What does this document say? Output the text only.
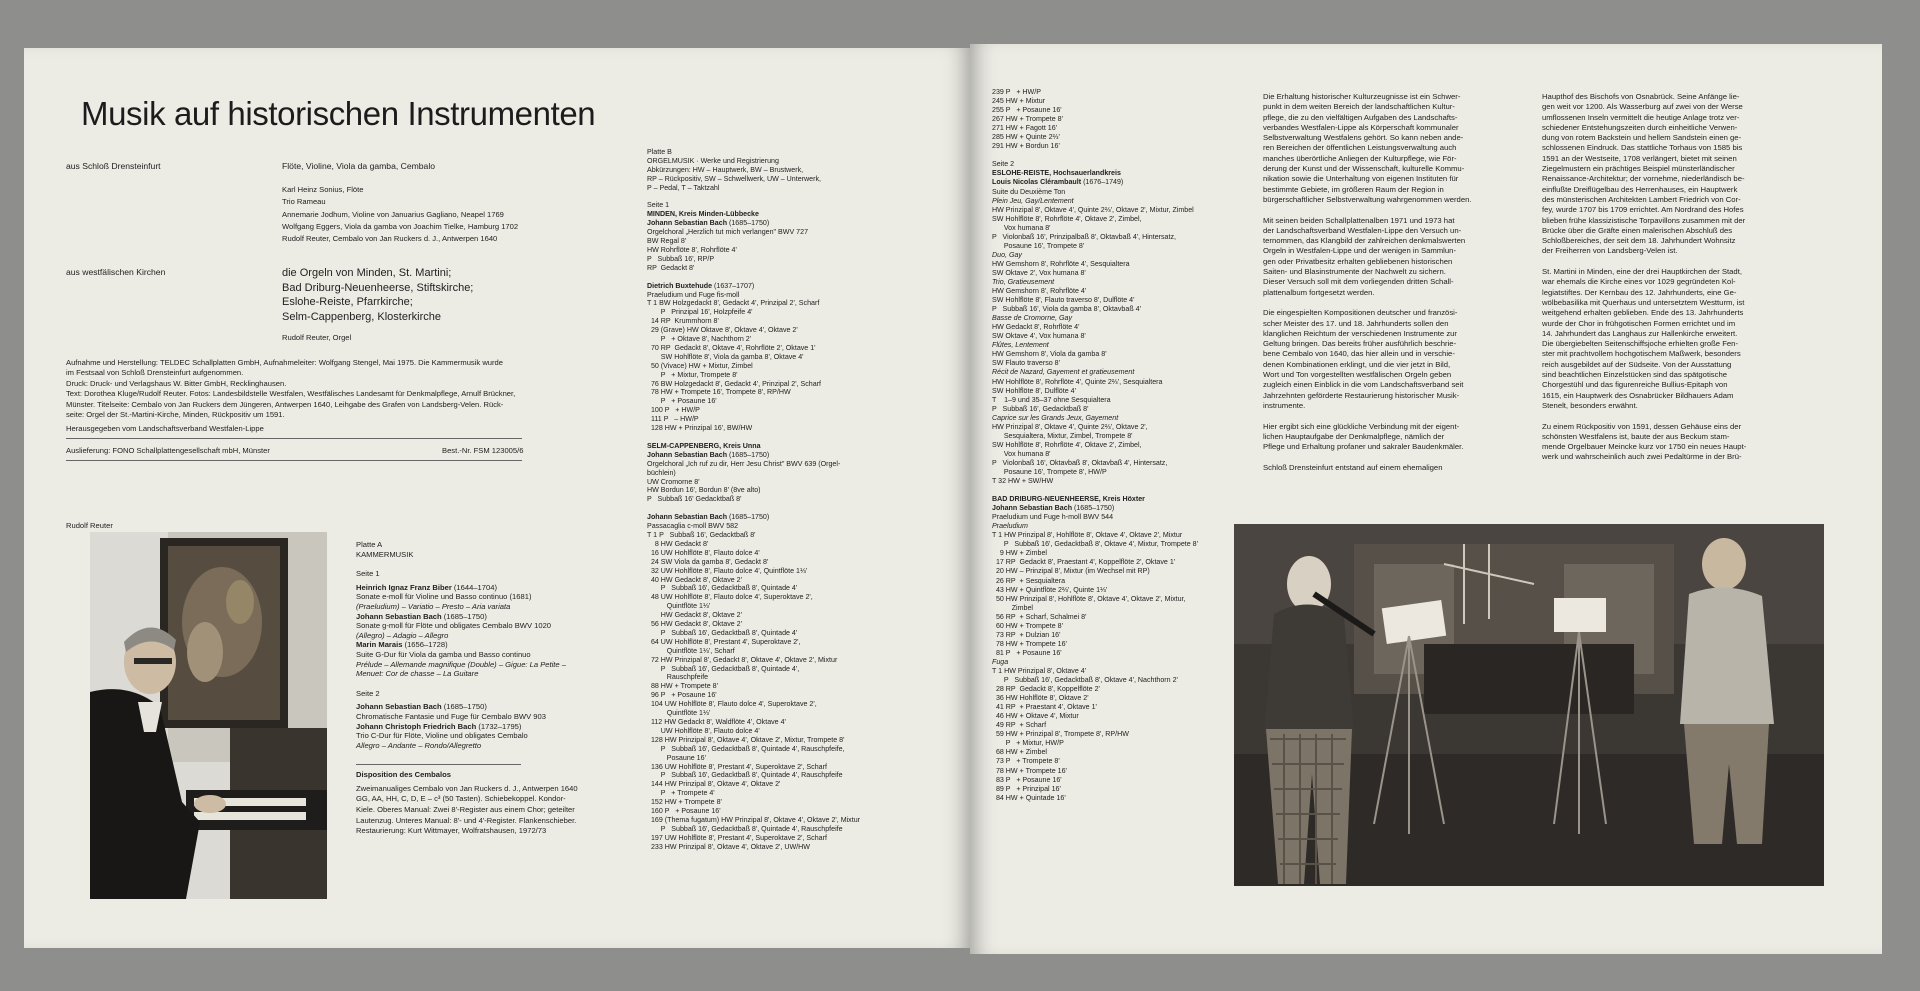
Musik auf historischen Instrumenten
aus Schloß Drensteinfurt	Flöte, Violine, Viola da gamba, Cembalo
Karl Heinz Sonius, Flöte
Trio Rameau
Annemarie Jodhum, Violine von Januarius Gagliano, Neapel 1769
Wolfgang Eggers, Viola da gamba von Joachim Tielke, Hamburg 1702
Rudolf Reuter, Cembalo von Jan Ruckers d. J., Antwerpen 1640
aus westfälischen Kirchen	die Orgeln von Minden, St. Martini;
Bad Driburg-Neuenheerse, Stiftskirche;
Eslohe-Reiste, Pfarrkirche;
Selm-Cappenberg, Klosterkirche
Rudolf Reuter, Orgel
Aufnahme und Herstellung: TELDEC Schallplatten GmbH, Aufnahmeleiter: Wolfgang Stengel, Mai 1975. Die Kammermusik wurde
im Festsaal von Schloß Drensteinfurt aufgenommen.
Druck: Druck- und Verlagshaus W. Bitter GmbH, Recklinghausen.
Text: Dorothea Kluge/Rudolf Reuter. Fotos: Landesbildstelle Westfalen, Westfälisches Landesamt für Denkmalpflege, Arnulf Brückner,
Münster. Titelseite: Cembalo von Jan Ruckers dem Jüngeren, Antwerpen 1640, Leihgabe des Grafen von Landsberg-Velen. Rück-
seite: Orgel der St.-Martini-Kirche, Minden, Rückpositiv um 1591.
Herausgegeben vom Landschaftsverband Westfalen-Lippe
Auslieferung: FONO Schallplattengesellschaft mbH, Münster	Best.-Nr. FSM 123005/6
Rudolf Reuter
Platte A
KAMMERMUSIK
Seite 1
Heinrich Ignaz Franz Biber (1644–1704)
Sonate e-moll für Violine und Basso continuo (1681)
(Praeludium) – Variatio – Presto – Aria variata
Johann Sebastian Bach (1685–1750)
Sonate g-moll für Flöte und obligates Cembalo BWV 1020
(Allegro) – Adagio – Allegro
Marin Marais (1656–1728)
Suite G-Dur für Viola da gamba und Basso continuo
Prélude – Allemande magnifique (Double) – Gigue: La Petite –
Menuet: Cor de chasse – La Guitare
Seite 2
Johann Sebastian Bach (1685–1750)
Chromatische Fantasie und Fuge für Cembalo BWV 903
Johann Christoph Friedrich Bach (1732–1795)
Trio C-Dur für Flöte, Violine und obligates Cembalo
Allegro – Andante – Rondo/Allegretto
Disposition des Cembalos
Zweimanualiges Cembalo von Jan Ruckers d. J., Antwerpen 1640
GG, AA, HH, C, D, E – c³ (50 Tasten). Schiebekoppel. Kondor-
Kiele. Oberes Manual: Zwei 8'-Register aus einem Chor; geteilter
Lautenzug. Unteres Manual: 8'- und 4'-Register. Flankenschieber.
Restaurierung: Kurt Wittmayer, Wolfratshausen, 1972/73
Platte B
ORGELMUSIK · Werke und Registrierung
Abkürzungen: HW – Hauptwerk, BW – Brustwerk,
RP – Rückpositiv, SW – Schwellwerk, UW – Unterwerk,
P – Pedal, T – Taktzahl

Seite 1
MINDEN, Kreis Minden-Lübbecke
Johann Sebastian Bach (1685–1750)
Orgelchoral „Herzlich tut mich verlangen" BWV 727
BW Regal 8'
HW Rohrflöte 8', Rohrflöte 4'
P   Subbaß 16', RP/P
RP  Gedackt 8'

Dietrich Buxtehude (1637–1707)
Praeludium und Fuge fis-moll
T 1 BW Holzgedackt 8', Gedackt 4', Prinzipal 2', Scharf
P   Prinzipal 16', Holzpfeife 4'
14 RP  Krummhorn 8'
29 (Grave) HW Oktave 8', Oktave 4', Oktave 2'
P   + Oktave 8', Nachthorn 2'
70 RP  Gedackt 8', Oktave 4', Rohrflöte 2', Oktave 1'
SW Hohlflöte 8', Viola da gamba 8', Oktave 4'
50 (Vivace) HW + Mixtur, Zimbel
P   + Mixtur, Trompete 8'
76 BW Holzgedackt 8', Gedackt 4', Prinzipal 2', Scharf
78 HW + Trompete 16', Trompete 8', RP/HW
P   + Posaune 16'
100 P   + HW/P
111 P   – HW/P
128 HW + Prinzipal 16', BW/HW

SELM-CAPPENBERG, Kreis Unna
Johann Sebastian Bach (1685–1750)
Orgelchoral „Ich ruf zu dir, Herr Jesu Christ" BWV 639 (Orgel-
büchlein)
UW Cromorne 8'
HW Bordun 16', Bordun 8' (8ve alto)
P   Subbaß 16' Gedacktbaß 8'

Johann Sebastian Bach (1685–1750)
Passacaglia c-moll BWV 582
T 1 P   Subbaß 16', Gedacktbaß 8'
8 HW Gedackt 8'
16 UW Hohlflöte 8', Flauto dolce 4'
24 SW Viola da gamba 8', Gedackt 8'
32 UW Hohlflöte 8', Flauto dolce 4', Quintflöte 1⅓'
40 HW Gedackt 8', Oktave 2'
P   Subbaß 16', Gedacktbaß 8', Quintade 4'
48 UW Hohlflöte 8', Flauto dolce 4', Superoktave 2',
Quintflöte 1⅓'
HW Gedackt 8', Oktave 2'
56 HW Gedackt 8', Oktave 2'
P   Subbaß 16', Gedacktbaß 8', Quintade 4'
64 UW Hohlflöte 8', Prestant 4', Superoktave 2',
Quintflöte 1⅓', Scharf
72 HW Prinzipal 8', Gedackt 8', Oktave 4', Oktave 2', Mixtur
P   Subbaß 16', Gedacktbaß 8', Quintade 4',
Rauschpfeife
88 HW + Trompete 8'
96 P   + Posaune 16'
104 UW Hohlflöte 8', Flauto dolce 4', Superoktave 2',
Quintflöte 1⅓'
112 HW Gedackt 8', Waldflöte 4', Oktave 4'
UW Hohlflöte 8', Flauto dolce 4'
128 HW Prinzipal 8', Oktave 4', Oktave 2', Mixtur, Trompete 8'
P   Subbaß 16', Gedacktbaß 8', Quintade 4', Rauschpfeife,
Posaune 16'
136 UW Hohlflöte 8', Prestant 4', Superoktave 2', Scharf
P   Subbaß 16', Gedacktbaß 8', Quintade 4', Rauschpfeife
144 HW Prinzipal 8', Oktave 4', Oktave 2'
P   + Trompete 4'
152 HW + Trompete 8'
160 P   + Posaune 16'
169 (Thema fugatum) HW Prinzipal 8', Oktave 4', Oktave 2', Mixtur
P   Subbaß 16', Gedacktbaß 8', Quintade 4', Rauschpfeife
197 UW Hohlflöte 8', Prestant 4', Superoktave 2', Scharf
233 HW Prinzipal 8', Oktave 4', Oktave 2', UW/HW
239 P   + HW/P
245 HW + Mixtur
255 P   + Posaune 16'
267 HW + Trompete 8'
271 HW + Fagott 16'
285 HW + Quinte 2⅔'
291 HW + Bordun 16'

Seite 2
ESLOHE-REISTE, Hochsauerlandkreis
Louis Nicolas Clérambault (1676–1749)
Suite du Deuxième Ton
Plein Jeu, Gay/Lentement
HW Prinzipal 8', Oktave 4', Quinte 2⅔', Oktave 2', Mixtur, Zimbel
SW Hohlflöte 8', Rohrflöte 4', Oktave 2', Zimbel,
Vox humana 8'
P   Violonbaß 16', Prinzipalbaß 8', Oktavbaß 4', Hintersatz,
Posaune 16', Trompete 8'
Duo, Gay
HW Gemshorn 8', Rohrflöte 4', Sesquialtera
SW Oktave 2', Vox humana 8'
Trio, Gratieusement
HW Gemshorn 8', Rohrflöte 4'
SW Hohlflöte 8', Flauto traverso 8', Dulflöte 4'
P   Subbaß 16', Viola da gamba 8', Oktavbaß 4'
Basse de Cromorne, Gay
HW Gedackt 8', Rohrflöte 4'
SW Oktave 4', Vox humana 8'
Flûtes, Lentement
HW Gemshorn 8', Viola da gamba 8'
SW Flauto traverso 8'
Récit de Nazard, Gayement et gratieusement
HW Hohlflöte 8', Rohrflöte 4', Quinte 2⅔', Sesquialtera
SW Hohlflöte 8', Dulflöte 4'
T    1–9 und 35–37 ohne Sesquialtera
P   Subbaß 16', Gedacktbaß 8'
Caprice sur les Grands Jeux, Gayement
HW Prinzipal 8', Oktave 4', Quinte 2⅔', Oktave 2',
Sesquialtera, Mixtur, Zimbel, Trompete 8'
SW Hohlflöte 8', Rohrflöte 4', Oktave 2', Zimbel,
Vox humana 8'
P   Violonbaß 16', Oktavbaß 8', Oktavbaß 4', Hintersatz,
Posaune 16', Trompete 8', HW/P
T 32 HW + SW/HW

BAD DRIBURG-NEUENHEERSE, Kreis Höxter
Johann Sebastian Bach (1685–1750)
Praeludium und Fuge h-moll BWV 544
Praeludium
T 1 HW Prinzipal 8', Hohlflöte 8', Oktave 4', Oktave 2', Mixtur
P   Subbaß 16', Gedacktbaß 8', Oktave 4', Mixtur, Trompete 8'
9 HW + Zimbel
17 RP  Gedackt 8', Praestant 4', Koppelflöte 2', Oktave 1'
20 HW – Prinzipal 8', Mixtur (im Wechsel mit RP)
26 RP  + Sesquialtera
43 HW + Quintflöte 2⅔', Quinte 1⅓'
50 HW Prinzipal 8', Hohlflöte 8', Oktave 4', Oktave 2', Mixtur,
Zimbel
56 RP  + Scharf, Schalmei 8'
60 HW + Trompete 8'
73 RP  + Dulzian 16'
78 HW + Trompete 16'
81 P   + Posaune 16'
Fuga
T 1 HW Prinzipal 8', Oktave 4'
P   Subbaß 16', Gedacktbaß 8', Oktave 4', Nachthorn 2'
28 RP  Gedackt 8', Koppelflöte 2'
36 HW Hohlflöte 8', Oktave 2'
41 RP  + Praestant 4', Oktave 1'
46 HW + Oktave 4', Mixtur
49 RP  + Scharf
59 HW + Prinzipal 8', Trompete 8', RP/HW
P   + Mixtur, HW/P
68 HW + Zimbel
73 P   + Trompete 8'
78 HW + Trompete 16'
83 P   + Posaune 16'
89 P   + Prinzipal 16'
84 HW + Quintade 16'
Die Erhaltung historischer Kulturzeugnisse ist ein Schwer-
punkt in dem weiten Bereich der landschaftlichen Kultur-
pflege, die zu den vielfältigen Aufgaben des Landschafts-
verbandes Westfalen-Lippe als Körperschaft kommunaler
Selbstverwaltung Westfalens gehört. So kann neben ande-
ren Bereichen der öffentlichen Leistungsverwaltung auch
manches überörtliche Anliegen der Kulturpflege, wie För-
derung der Kunst und der Wissenschaft, kulturelle Kommu-
nikation sowie die Unterhaltung von eigenen Instituten für
bestimmte Gebiete, im größeren Raum der Region in
bürgerschaftlicher Selbstverwaltung wahrgenommen werden.

Mit seinen beiden Schallplattenalben 1971 und 1973 hat
der Landschaftsverband Westfalen-Lippe den Versuch un-
ternommen, das Klangbild der zahlreichen denkmalswerten
Orgeln in Westfalen-Lippe und der wenigen in Sammlun-
gen oder Privatbesitz erhalten gebliebenen historischen
Saiten- und Blasinstrumente der Nachwelt zu sichern.
Dieser Versuch soll mit dem vorliegenden dritten Schall-
plattenalbum fortgesetzt werden.

Die eingespielten Kompositionen deutscher und französi-
scher Meister des 17. und 18. Jahrhunderts sollen den
klanglichen Reichtum der verschiedenen Instrumente zur
Geltung bringen. Das bereits früher ausführlich beschrie-
bene Cembalo von 1640, das hier allein und in verschie-
denen Kombinationen erklingt, und die vier jetzt in Bild,
Wort und Ton vorgestellten westfälischen Orgeln geben
zugleich einen Einblick in die vom Landschaftsverband seit
Jahrzehnten geförderte Restaurierung historischer Musik-
instrumente.

Hier ergibt sich eine glückliche Verbindung mit der eigent-
lichen Hauptaufgabe der Denkmalpflege, nämlich der
Pflege und Erhaltung profaner und sakraler Baudenkmäler.

Schloß Drensteinfurt entstand auf einem ehemaligen
Haupthof des Bischofs von Osnabrück. Seine Anfänge lie-
gen weit vor 1200. Als Wasserburg auf zwei von der Werse
umflossenen Inseln vermittelt die heutige Anlage trotz ver-
schiedener Entstehungszeiten durch einheitliche Verwen-
dung von rotem Backstein und hellem Sandstein einen ge-
schlossenen Eindruck. Das stattliche Torhaus von 1585 bis
1591 an der Westseite, 1708 verlängert, bietet mit seinen
Ziegelmustern ein prächtiges Beispiel münsterländischer
Renaissance-Architektur; der vornehme, niederländisch be-
einflußte Dreiflügelbau des Herrenhauses, ein Hauptwerk
des münsterischen Architekten Lambert Friedrich von Cor-
fey, wurde 1707 bis 1709 errichtet. Am Nordrand des Hofes
blieben frühe klassizistische Torpavillons zusammen mit der
Brücke über die Gräfte einen malerischen Abschluß des
Schloßbereiches, der seit dem 18. Jahrhundert Wohnsitz
der Freiherren von Landsberg-Velen ist.

St. Martini in Minden, eine der drei Hauptkirchen der Stadt,
war ehemals die Kirche eines vor 1029 gegründeten Kol-
legiatstiftes. Der Kernbau des 12. Jahrhunderts, eine Ge-
wölbebasilika mit Querhaus und untersetztem Westturm, ist
weitgehend erhalten geblieben. Ende des 13. Jahrhunderts
wurde der Chor in frühgotischen Formen errichtet und im
14. Jahrhundert das Langhaus zur Hallenkirche erweitert.
Die übergiebelten Seitenschiffsjoche erhielten große Fen-
ster mit prachtvollem hochgotischem Maßwerk, besonders
reich ausgebildet auf der Südseite. Von der Ausstattung
sind beachtlichen Einzelstücken sind das spätgotische
Chorgestühl und das figurenreiche Bullius-Epitaph von
1615, ein Hauptwerk des Osnabrücker Bildhauers Adam
Stenelt, besonders erwähnt.

Zu einem Rückpositiv von 1591, dessen Gehäuse eins der
schönsten Westfalens ist, baute der aus Beckum stam-
mende Orgelbauer Meincke kurz vor 1750 ein neues Haupt-
werk und wahrscheinlich auch zwei Pedaltürme in der Brü-
